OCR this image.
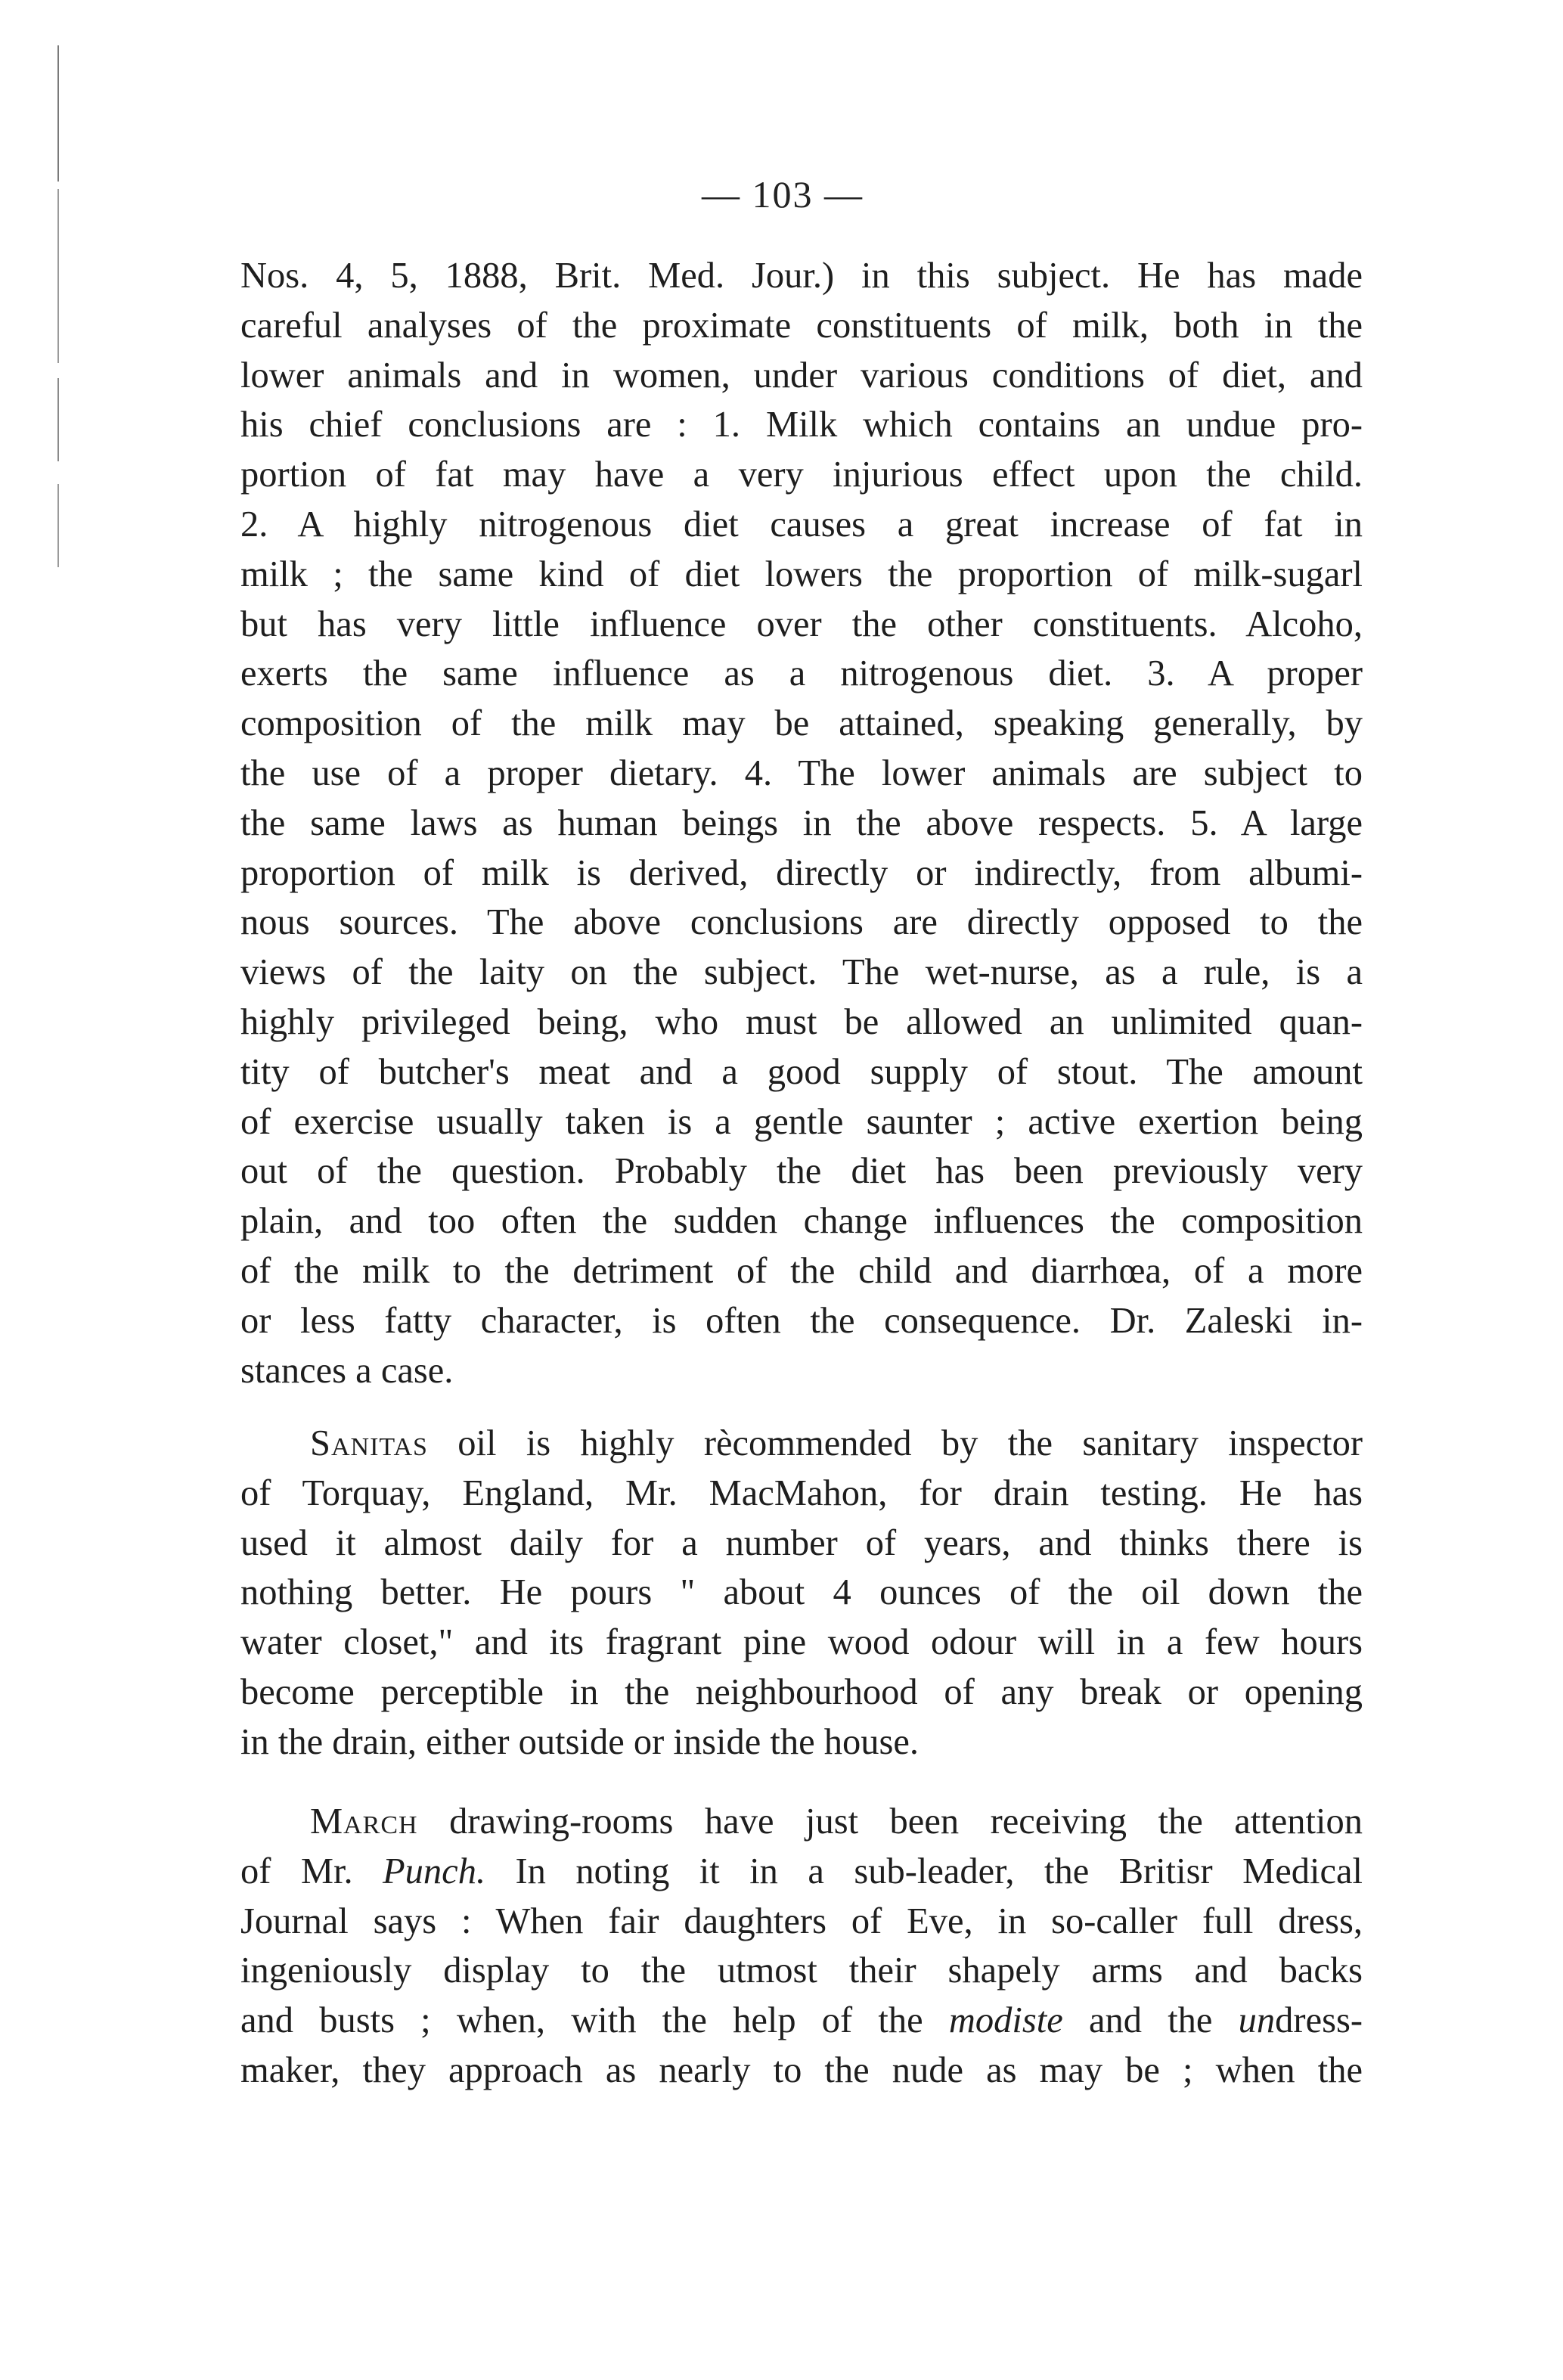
— 103 —
Nos. 4, 5, 1888, Brit. Med. Jour.) in this subject. He has made
careful analyses of the proximate constituents of milk, both in the
lower animals and in women, under various conditions of diet, and
his chief conclusions are : 1. Milk which contains an undue pro-
portion of fat may have a very injurious effect upon the child.
2. A highly nitrogenous diet causes a great increase of fat in
milk ; the same kind of diet lowers the proportion of milk-sugarl
but has very little influence over the other constituents. Alcoho,
exerts the same influence as a nitrogenous diet. 3. A proper
composition of the milk may be attained, speaking generally, by
the use of a proper dietary. 4. The lower animals are subject to
the same laws as human beings in the above respects. 5. A large
proportion of milk is derived, directly or indirectly, from albumi-
nous sources. The above conclusions are directly opposed to the
views of the laity on the subject. The wet-nurse, as a rule, is a
highly privileged being, who must be allowed an unlimited quan-
tity of butcher's meat and a good supply of stout. The amount
of exercise usually taken is a gentle saunter ; active exertion being
out of the question. Probably the diet has been previously very
plain, and too often the sudden change influences the composition
of the milk to the detriment of the child and diarrhœa, of a more
or less fatty character, is often the consequence. Dr. Zaleski in-
stances a case.
Sanitas oil is highly rècommended by the sanitary inspector
of Torquay, England, Mr. MacMahon, for drain testing. He has
used it almost daily for a number of years, and thinks there is
nothing better. He pours " about 4 ounces of the oil down the
water closet," and its fragrant pine wood odour will in a few hours
become perceptible in the neighbourhood of any break or opening
in the drain, either outside or inside the house.
March drawing-rooms have just been receiving the attention
of Mr. Punch. In noting it in a sub-leader, the Britisr Medical
Journal says : When fair daughters of Eve, in so-caller full dress,
ingeniously display to the utmost their shapely arms and backs
and busts ; when, with the help of the modiste and the undress-
maker, they approach as nearly to the nude as may be ; when the
